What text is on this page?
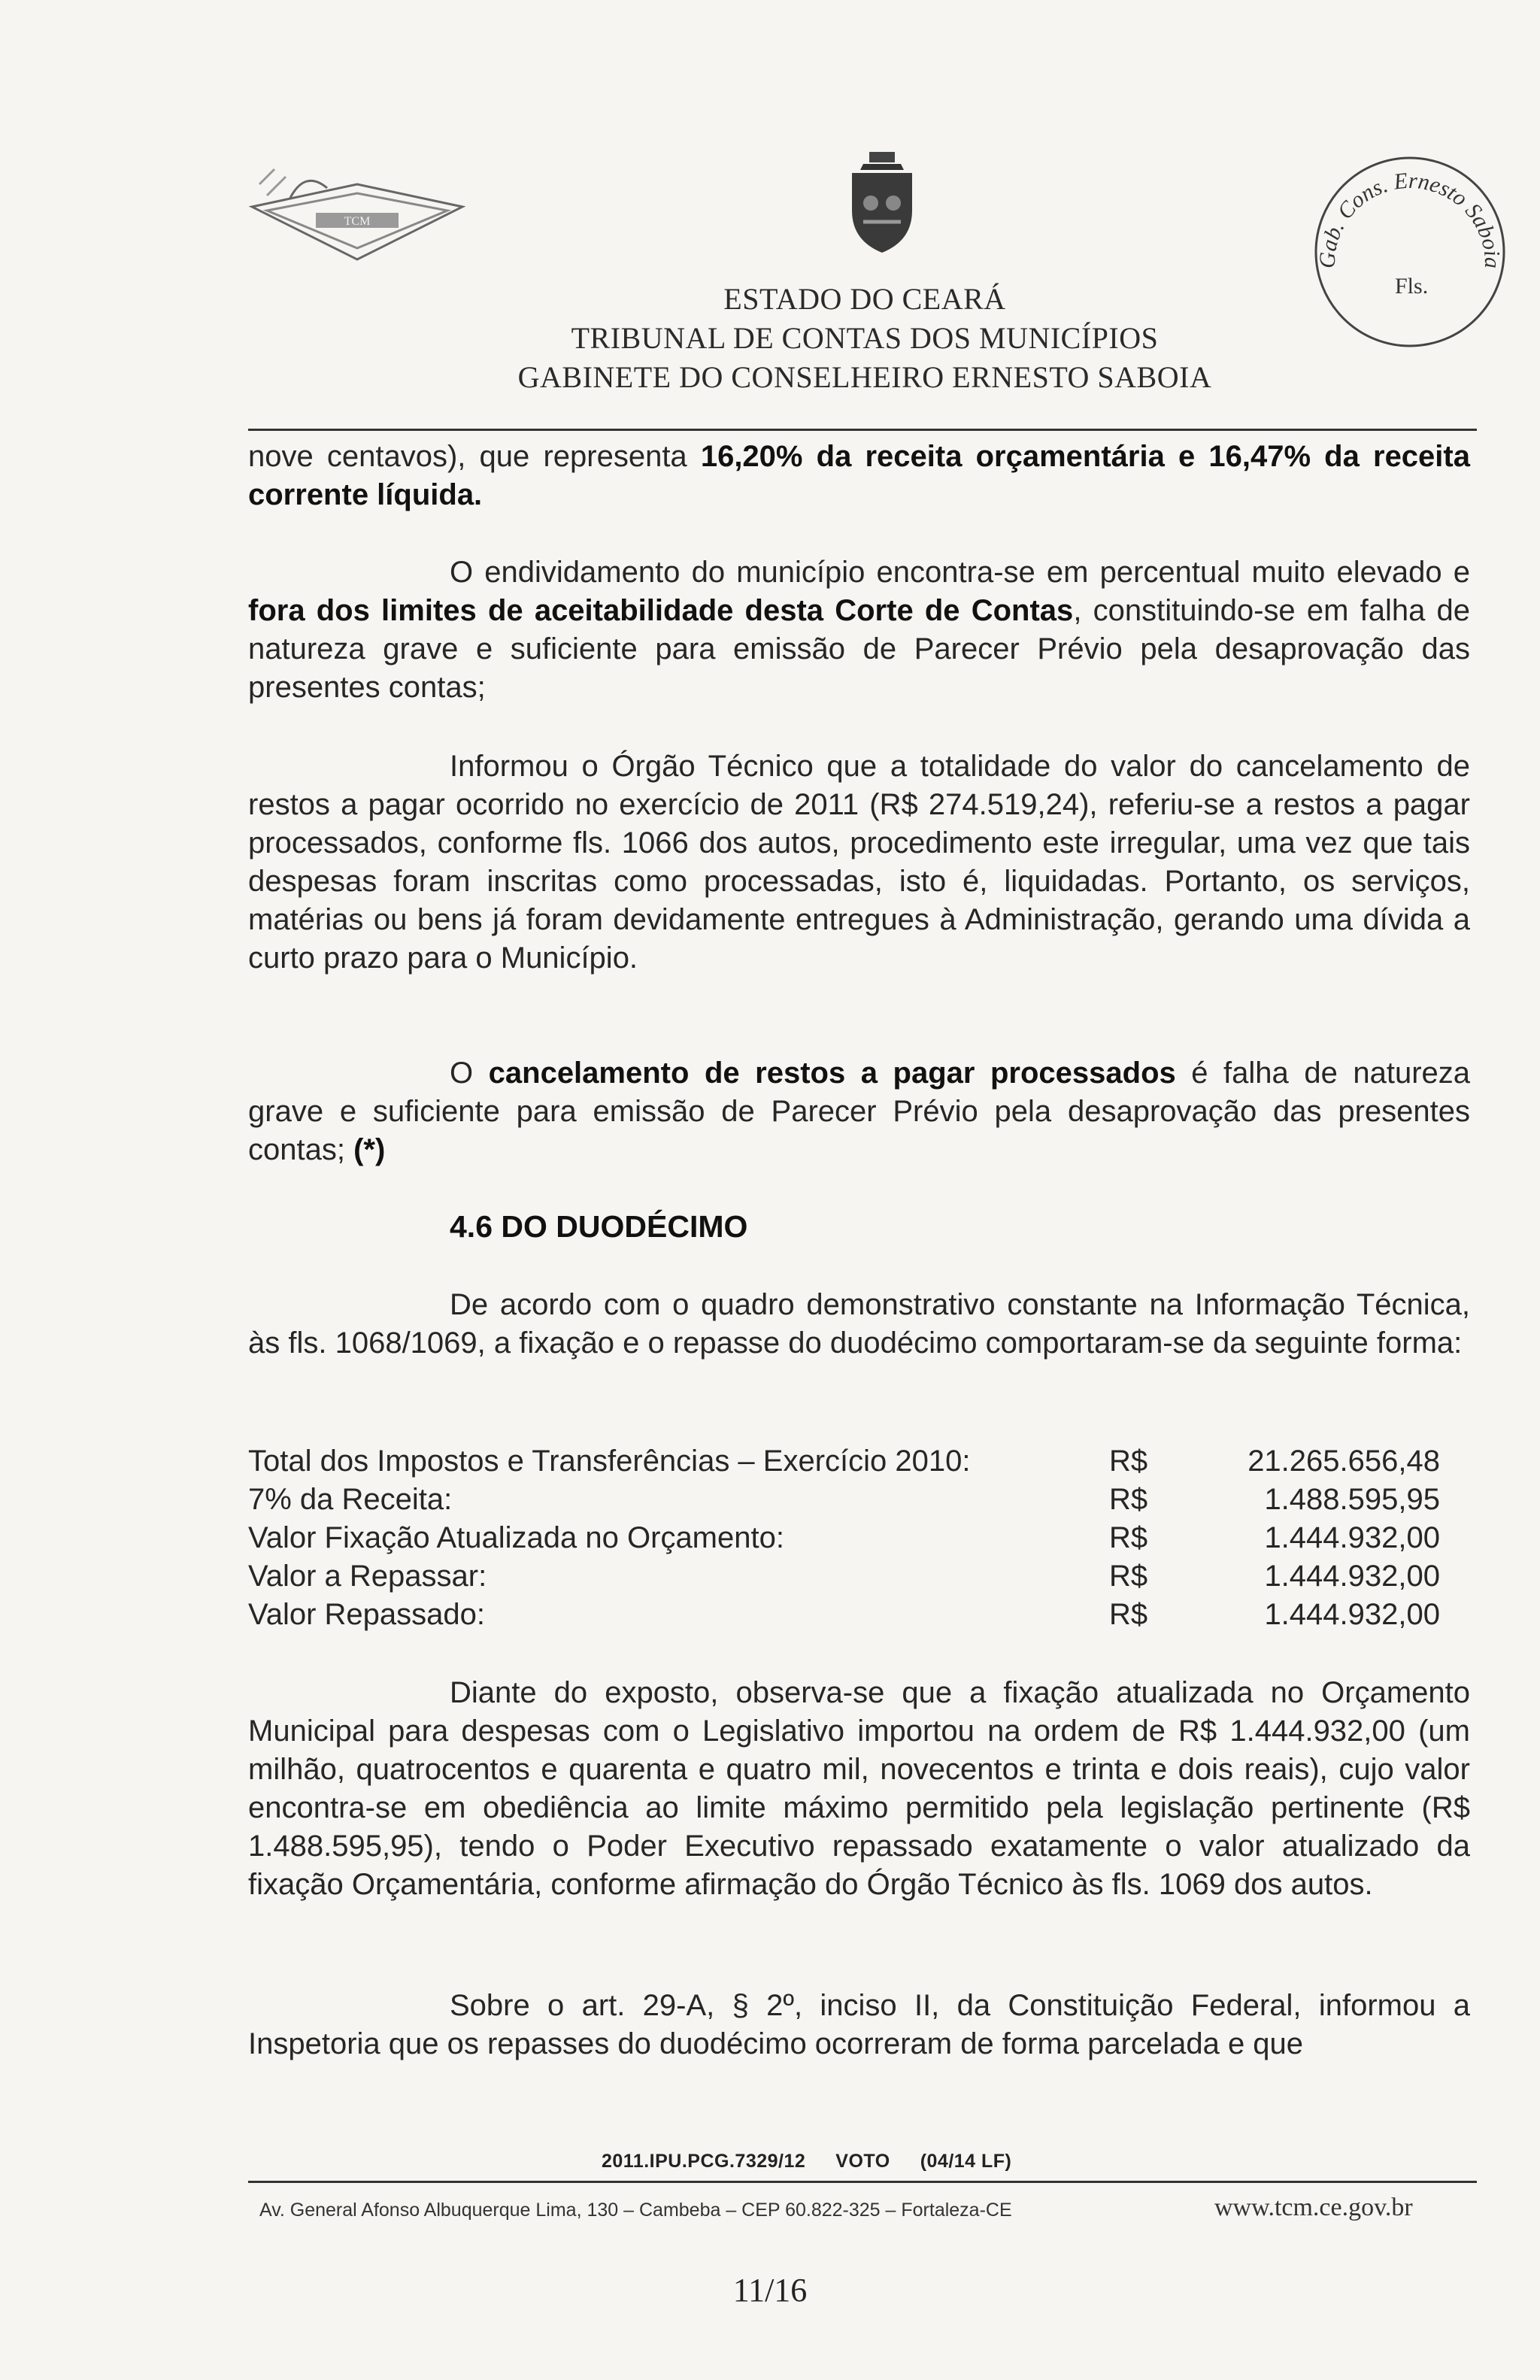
TCM
ESTADO DO CEARÁ
TRIBUNAL DE CONTAS DOS MUNICÍPIOS
GABINETE DO CONSELHEIRO ERNESTO SABOIA
Gab. Cons. Ernesto Saboia
Fls.

nove centavos), que representa 16,20% da receita orçamentária e 16,47% da receita corrente líquida.

O endividamento do município encontra-se em percentual muito elevado e fora dos limites de aceitabilidade desta Corte de Contas, constituindo-se em falha de natureza grave e suficiente para emissão de Parecer Prévio pela desaprovação das presentes contas;

Informou o Órgão Técnico que a totalidade do valor do cancelamento de restos a pagar ocorrido no exercício de 2011 (R$ 274.519,24), referiu-se a restos a pagar processados, conforme fls. 1066 dos autos, procedimento este irregular, uma vez que tais despesas foram inscritas como processadas, isto é, liquidadas. Portanto, os serviços, matérias ou bens já foram devidamente entregues à Administração, gerando uma dívida a curto prazo para o Município.

O cancelamento de restos a pagar processados é falha de natureza grave e suficiente para emissão de Parecer Prévio pela desaprovação das presentes contas; (*)

4.6 DO DUODÉCIMO

De acordo com o quadro demonstrativo constante na Informação Técnica, às fls. 1068/1069, a fixação e o repasse do duodécimo comportaram-se da seguinte forma:

Total dos Impostos e Transferências – Exercício 2010:	R$	21.265.656,48
7% da Receita:	R$	1.488.595,95
Valor Fixação Atualizada no Orçamento:	R$	1.444.932,00
Valor a Repassar:	R$	1.444.932,00
Valor Repassado:	R$	1.444.932,00

Diante do exposto, observa-se que a fixação atualizada no Orçamento Municipal para despesas com o Legislativo importou na ordem de R$ 1.444.932,00 (um milhão, quatrocentos e quarenta e quatro mil, novecentos e trinta e dois reais), cujo valor encontra-se em obediência ao limite máximo permitido pela legislação pertinente (R$ 1.488.595,95), tendo o Poder Executivo repassado exatamente o valor atualizado da fixação Orçamentária, conforme afirmação do Órgão Técnico às fls. 1069 dos autos.

Sobre o art. 29-A, § 2º, inciso II, da Constituição Federal, informou a Inspetoria que os repasses do duodécimo ocorreram de forma parcelada e que

2011.IPU.PCG.7329/12 VOTO (04/14 LF)
Av. General Afonso Albuquerque Lima, 130 – Cambeba – CEP 60.822-325 – Fortaleza-CE	www.tcm.ce.gov.br
11/16
